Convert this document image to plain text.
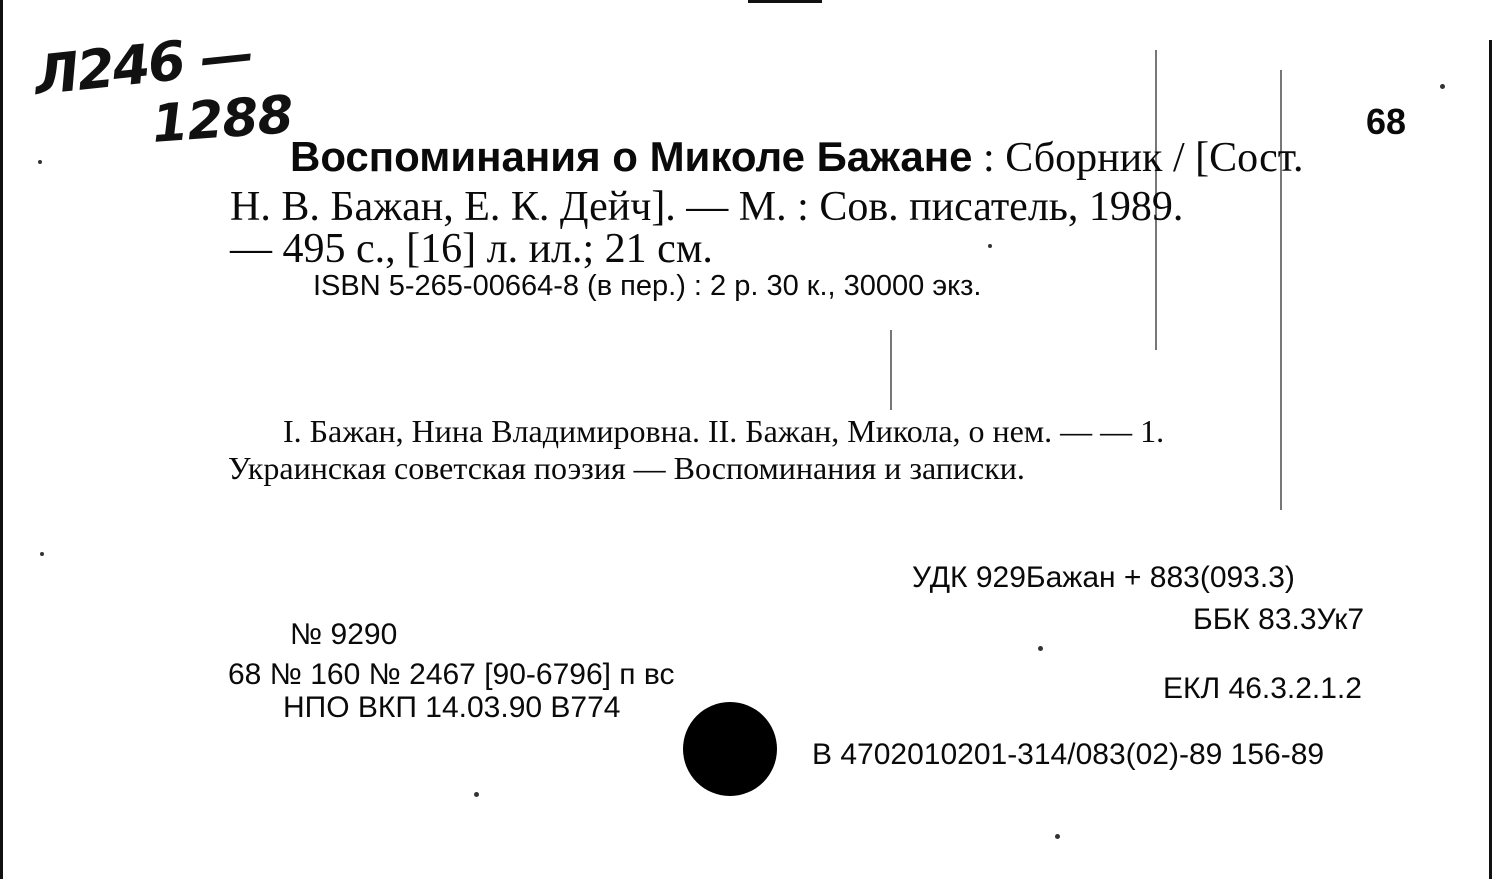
Л246 —
1288	68
Воспоминания о Миколе Бажане : Сборник / [Сост.
Н. В. Бажан, Е. К. Дейч]. — М. : Сов. писатель, 1989.
— 495 с., [16] л. ил.; 21 см.
ISBN 5-265-00664-8 (в пер.) : 2 р. 30 к., 30000 экз.
I. Бажан, Нина Владимировна. II. Бажан, Микола, о нем. — — 1.
Украинская советская поэзия — Воспоминания и записки.
УДК 929Бажан + 883(093.3)
ББК 83.3Ук7
ЕКЛ 46.3.2.1.2
В 4702010201-314/083(02)-89 156-89
№ 9290
68 № 160 № 2467 [90-6796] п вс
НПО ВКП 14.03.90 В774
